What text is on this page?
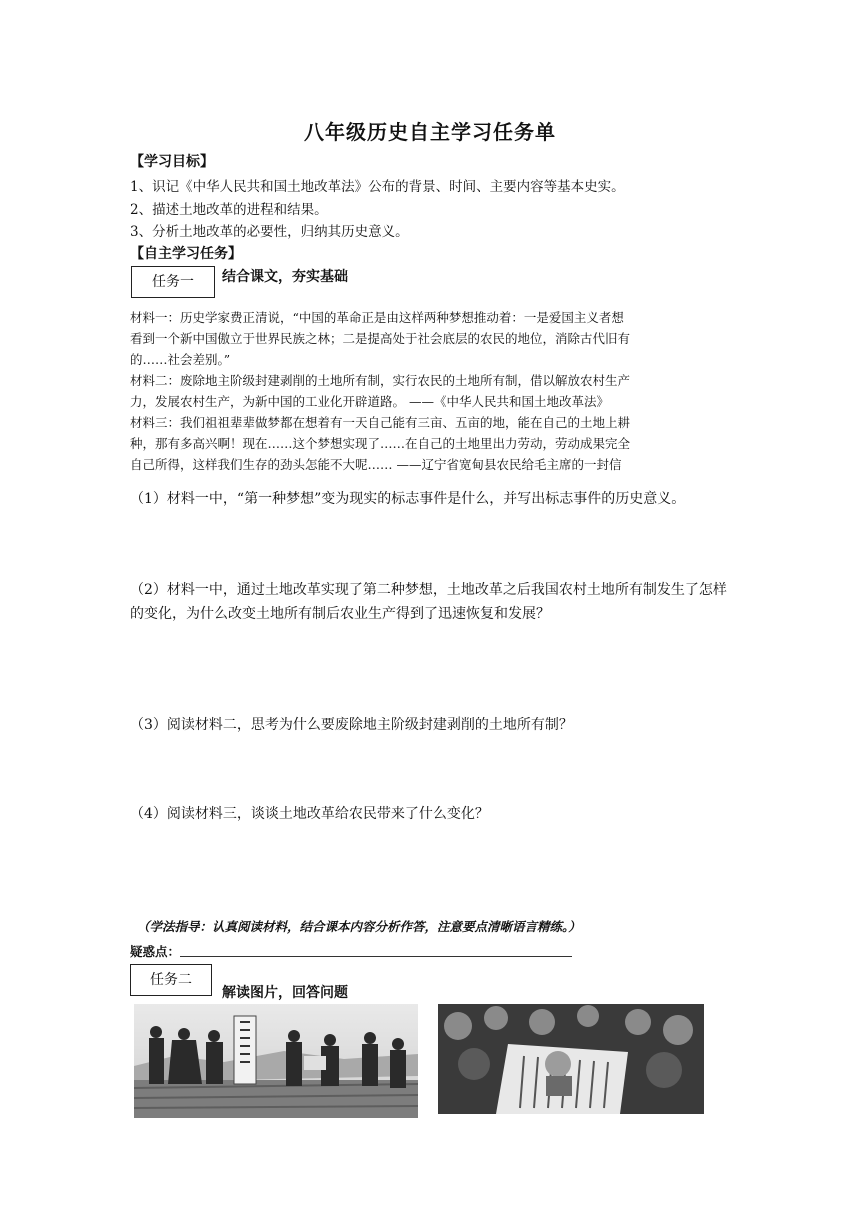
八年级历史自主学习任务单
【学习目标】
1、识记《中华人民共和国土地改革法》公布的背景、时间、主要内容等基本史实。
2、描述土地改革的进程和结果。
3、分析土地改革的必要性，归纳其历史意义。
【自主学习任务】
任务一	结合课文，夯实基础
材料一：历史学家费正清说，“中国的革命正是由这样两种梦想推动着：一是爱国主义者想
看到一个新中国傲立于世界民族之林；二是提高处于社会底层的农民的地位，消除古代旧有
的……社会差别。”
材料二：废除地主阶级封建剥削的土地所有制，实行农民的土地所有制，借以解放农村生产
力，发展农村生产，为新中国的工业化开辟道路。 ——《中华人民共和国土地改革法》
材料三：我们祖祖辈辈做梦都在想着有一天自己能有三亩、五亩的地，能在自己的土地上耕
种，那有多高兴啊！现在……这个梦想实现了……在自己的土地里出力劳动，劳动成果完全
自己所得，这样我们生存的劲头怎能不大呢…… ——辽宁省宽甸县农民给毛主席的一封信
（1）材料一中，“第一种梦想”变为现实的标志事件是什么，并写出标志事件的历史意义。
（2）材料一中，通过土地改革实现了第二种梦想，土地改革之后我国农村土地所有制发生了怎样的变化，为什么改变土地所有制后农业生产得到了迅速恢复和发展？
（3）阅读材料二，思考为什么要废除地主阶级封建剥削的土地所有制？
（4）阅读材料三，谈谈土地改革给农民带来了什么变化？
（学法指导：认真阅读材料，结合课本内容分析作答，注意要点清晰语言精练。）
疑惑点：
任务二
解读图片，回答问题
